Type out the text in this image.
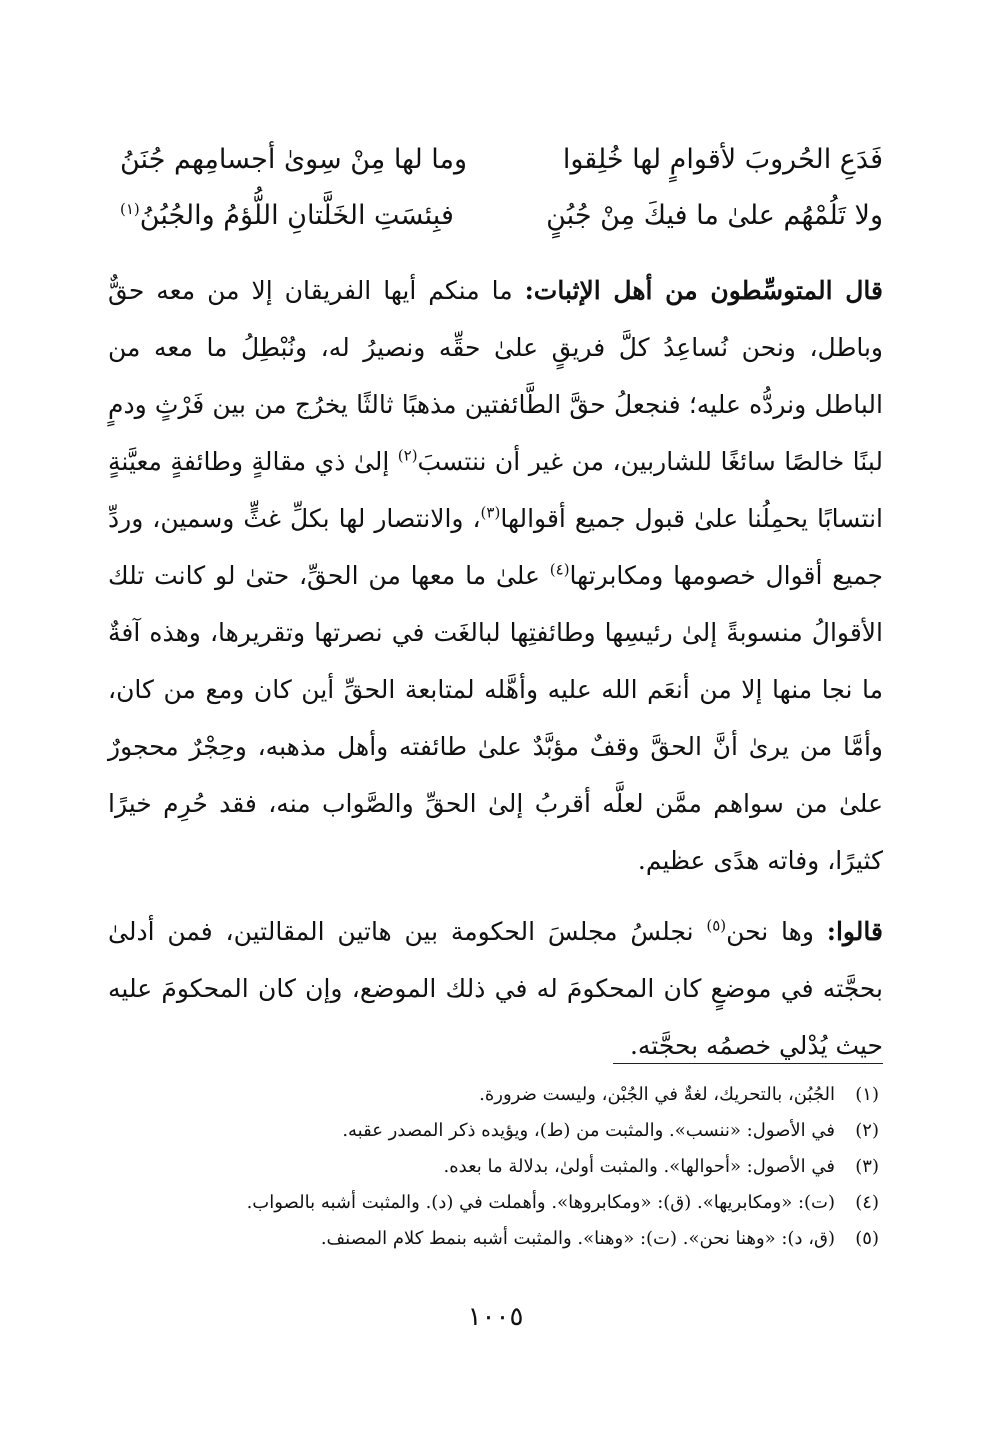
فَدَعِ الحُروبَ لأقوامٍ لها خُلِقوا
وما لها مِنْ سِوىٰ أجسامِهم جُنَنُ
ولا تَلُمْهُم علىٰ ما فيكَ مِنْ جُبُنٍ
فبِئسَتِ الخَلَّتانِ اللُّؤمُ والجُبُنُ$^{(١)}$

قال المتوسِّطون من أهل الإثبات: ما منكم أيها الفريقان إلا من معه حقٌّ وباطل، ونحن نُساعِدُ كلَّ فريقٍ علىٰ حقِّه ونصيرُ له، ونُبْطِلُ ما معه من الباطل ونردُّه عليه؛ فنجعلُ حقَّ الطَّائفتين مذهبًا ثالثًا يخرُج من بين فَرْثٍ ودمٍ لبنًا خالصًا سائغًا للشاربين، من غير أن ننتسبَ$^{(٢)}$ إلىٰ ذي مقالةٍ وطائفةٍ معيَّنةٍ انتسابًا يحمِلُنا علىٰ قبول جميع أقوالها$^{(٣)}$، والانتصار لها بكلِّ غثٍّ وسمين، وردِّ جميع أقوال خصومها ومكابرتها$^{(٤)}$ علىٰ ما معها من الحقِّ، حتىٰ لو كانت تلك الأقوالُ منسوبةً إلىٰ رئيسِها وطائفتِها لبالغَت في نصرتها وتقريرها، وهذه آفةٌ ما نجا منها إلا من أنعَم الله عليه وأهَّله لمتابعة الحقِّ أين كان ومع من كان، وأمَّا من يرىٰ أنَّ الحقَّ وقفٌ مؤبَّدٌ علىٰ طائفته وأهل مذهبه، وحِجْرٌ محجورٌ علىٰ من سواهم ممَّن لعلَّه أقربُ إلىٰ الحقِّ والصَّواب منه، فقد حُرِم خيرًا كثيرًا، وفاته هدًى عظيم.

قالوا: وها نحن$^{(٥)}$ نجلسُ مجلسَ الحكومة بين هاتين المقالتين، فمن أدلىٰ بحجَّته في موضعٍ كان المحكومَ له في ذلك الموضع، وإن كان المحكومَ عليه حيث يُدْلي خصمُه بحجَّته.

(١)
الجُبُن، بالتحريك، لغةٌ في الجُبْن، وليست ضرورة.
(٢)
في الأصول: «ننسب». والمثبت من (ط)، ويؤيده ذكر المصدر عقبه.
(٣)
في الأصول: «أحوالها». والمثبت أولىٰ، بدلالة ما بعده.
(٤)
(ت): «ومكابريها». (ق): «ومكابروها». وأهملت في (د). والمثبت أشبه بالصواب.
(٥)
(ق، د): «وهنا نحن». (ت): «وهنا». والمثبت أشبه بنمط كلام المصنف.
١٠٠٥
